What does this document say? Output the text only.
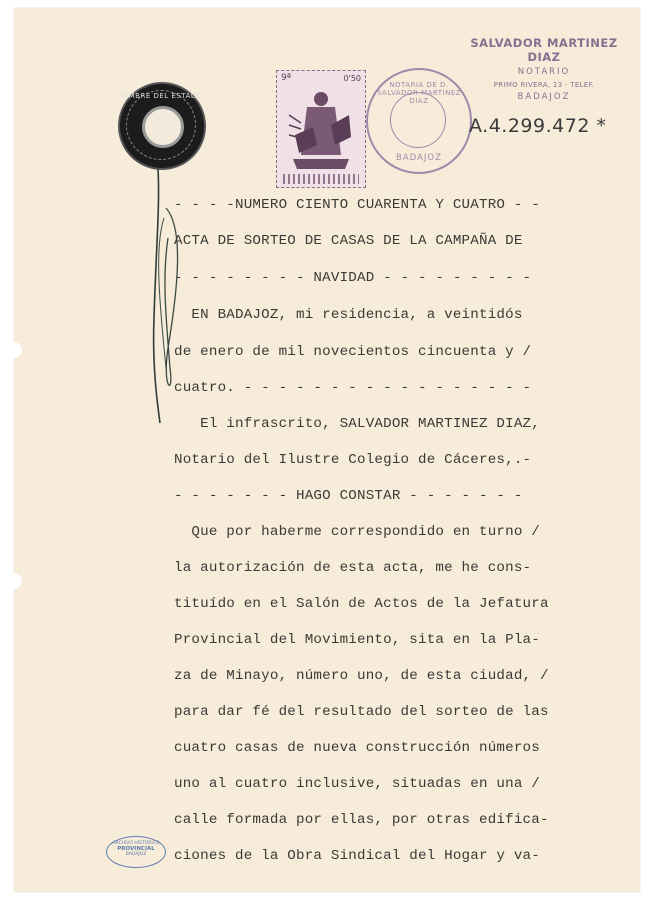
TIMBRE DEL ESTADO
9ª	0'50
NOTARIA DE D. SALVADOR MARTINEZ DIAZ
BADAJOZ
SALVADOR MARTINEZ DIAZ
NOTARIO
PRIMO RIVERA, 13 - TELEF.
BADAJOZ
A.4.299.472 *
- - - -NUMERO CIENTO CUARENTA Y CUATRO - -
ACTA DE SORTEO DE CASAS DE LA CAMPAÑA DE
- - - - - - - - NAVIDAD - - - - - - - - -
EN BADAJOZ, mi residencia, a veintidós
de enero de mil novecientos cincuenta y /
cuatro. - - - - - - - - - - - - - - - - -
El infrascrito, SALVADOR MARTINEZ DIAZ,
Notario del Ilustre Colegio de Cáceres,.-
- - - - - - - HAGO CONSTAR - - - - - - -
Que por haberme correspondido en turno /
la autorización de esta acta, me he cons-
tituído en el Salón de Actos de la Jefatura
Provincial del Movimiento, sita en la Pla-
za de Minayo, número uno, de esta ciudad, /
para dar fé del resultado del sorteo de las
cuatro casas de nueva construcción números
uno al cuatro inclusive, situadas en una /
calle formada por ellas, por otras edifica-
ciones de la Obra Sindical del Hogar y va-
ARCHIVO HISTORICO
PROVINCIAL
BADAJOZ
